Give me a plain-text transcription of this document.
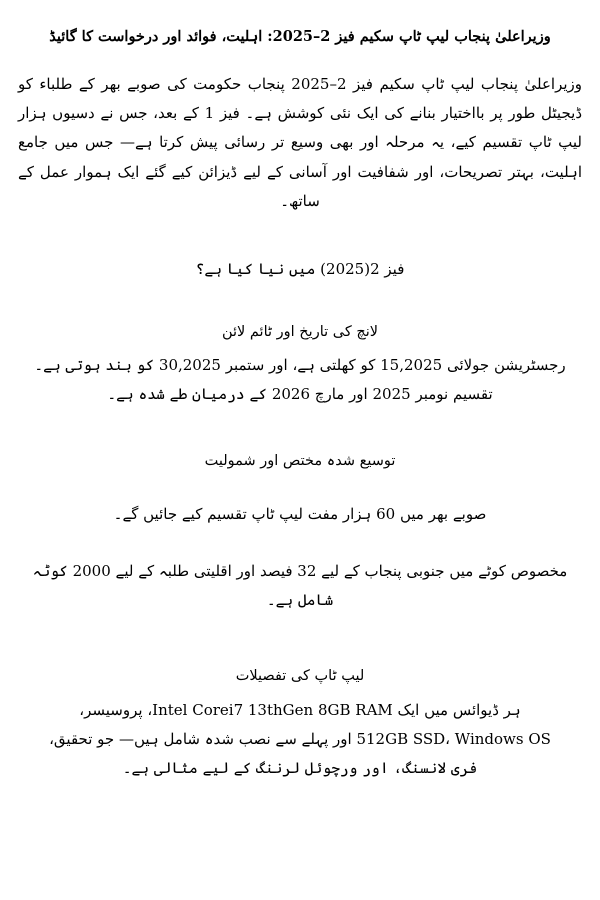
وزیراعلیٰ پنجاب لیپ ٹاپ سکیم فیز 2–2025: اہلیت، فوائد اور درخواست کا گائیڈ

وزیراعلیٰ پنجاب لیپ ٹاپ سکیم فیز 2–2025 پنجاب حکومت کی صوبے بھر کے طلباء کو ڈیجیٹل طور پر بااختیار بنانے کی ایک نئی کوشش ہے۔ فیز 1 کے بعد، جس نے دسیوں ہزار لیپ ٹاپ تقسیم کیے، یہ مرحلہ اور بھی وسیع تر رسائی پیش کرتا ہے— جس میں جامع اہلیت، بہتر تصریحات، اور شفافیت اور آسانی کے لیے ڈیزائن کیے گئے ایک ہموار عمل کے ساتھ۔

فیز 2(2025) میں نیا کیا ہے؟
لانچ کی تاریخ اور ٹائم لائن
رجسٹریشن جولائی 15,2025 کو کھلتی ہے، اور ستمبر 30,2025 کو بند ہوتی ہے۔
تقسیم نومبر 2025 اور مارچ 2026 کے درمیان طے شدہ ہے۔
توسیع شدہ مختص اور شمولیت
صوبے بھر میں 60 ہزار مفت لیپ ٹاپ تقسیم کیے جائیں گے۔
مخصوص کوٹے میں جنوبی پنجاب کے لیے 32 فیصد اور اقلیتی طلبہ کے لیے 2000 کوٹہ شامل ہے۔
لیپ ٹاپ کی تفصیلات
ہر ڈیوائس میں ایک Intel Corei7 13thGen 8GB RAM، پروسیسر،
512GB SSD، Windows OS اور پہلے سے نصب شدہ شامل ہیں— جو تحقیق،
فری لانسنگ، اور ورچوئل لرننگ کے لیے مثالی ہے۔
